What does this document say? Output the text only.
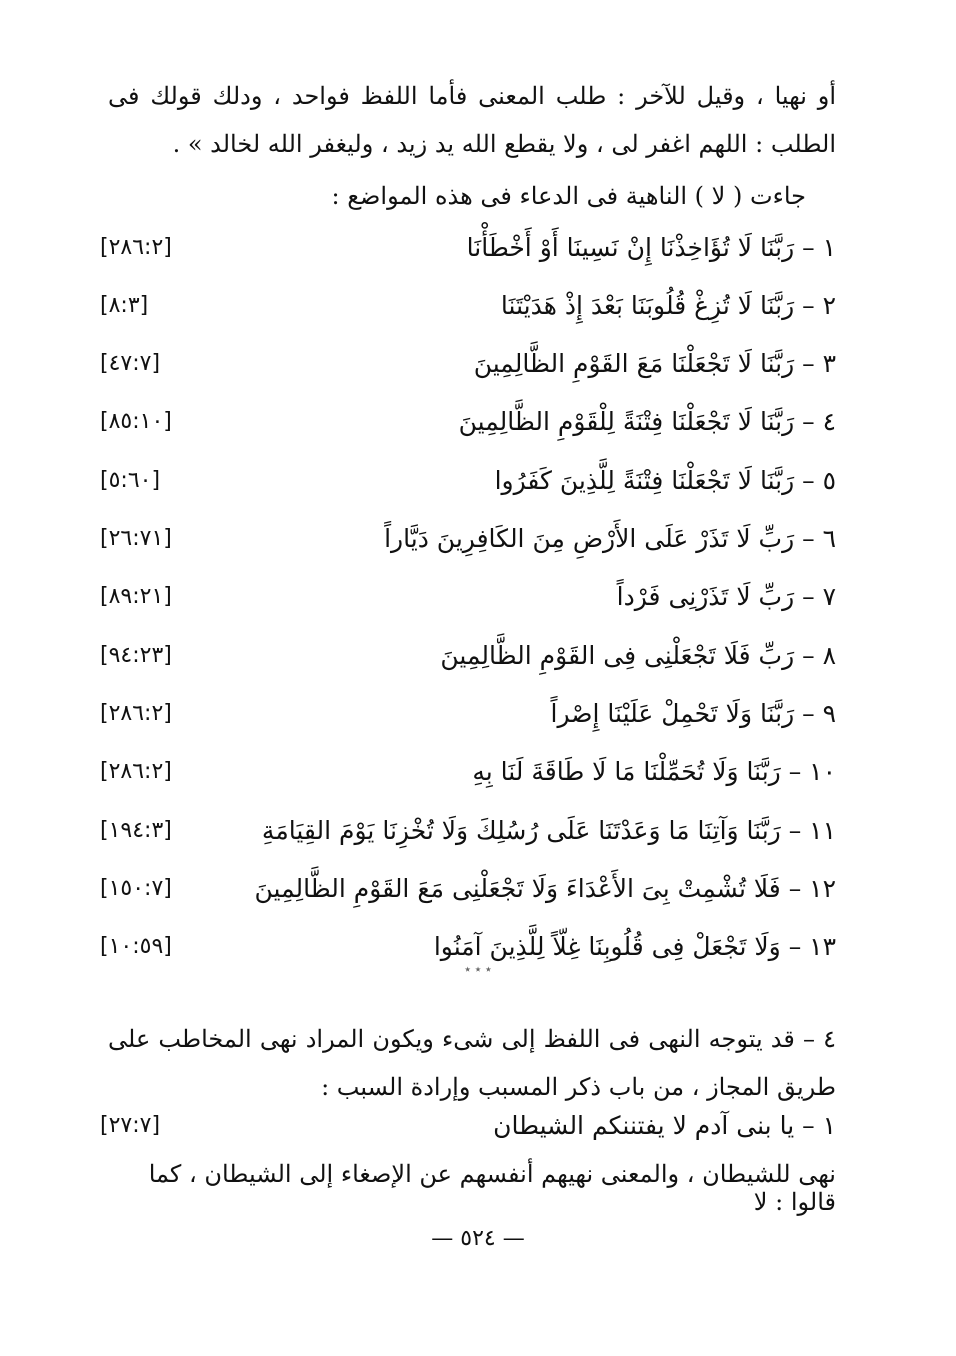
أو نهيا ، وقيل للآخر : طلب المعنى فأما اللفظ فواحد ، ودلك قولك فى الطلب : اللهم اغفر لى ، ولا يقطع الله يد زيد ، وليغفر الله لخالد » .
جاءت ( لا ) الناهية فى الدعاء فى هذه المواضع :
١ – رَبَّنَا لَا تُؤَاخِذْنَا إِنْ نَسِينَا أَوْ أَخْطَأْنَا
[٢٨٦:٢]
٢ – رَبَّنَا لَا تُزِغْ قُلُوبَنَا بَعْدَ إِذْ هَدَيْتَنَا
[٨:٣]
٣ – رَبَّنَا لَا تَجْعَلْنَا مَعَ القَوْمِ الظَّالِمِينَ
[٤٧:٧]
٤ – رَبَّنَا لَا تَجْعَلْنَا فِتْنَةً لِلْقَوْمِ الظَّالِمِينَ
[٨٥:١٠]
٥ – رَبَّنَا لَا تَجْعَلْنَا فِتْنَةً لِلَّذِينَ كَفَرُوا
[٥:٦٠]
٦ – رَبِّ لَا تَذَرْ عَلَى الأَرْضِ مِنَ الكَافِرِينَ دَيَّاراً
[٢٦:٧١]
٧ – رَبِّ لَا تَذَرْنِى فَرْداً
[٨٩:٢١]
٨ – رَبِّ فَلَا تَجْعَلْنِى فِى القَوْمِ الظَّالِمِينَ
[٩٤:٢٣]
٩ – رَبَّنَا وَلَا تَحْمِلْ عَلَيْنَا إِصْراً
[٢٨٦:٢]
١٠ – رَبَّنَا وَلَا تُحَمِّلْنَا مَا لَا طَاقَةَ لَنَا بِهِ
[٢٨٦:٢]
١١ – رَبَّنَا وَآتِنَا مَا وَعَدْتَنَا عَلَى رُسُلِكَ وَلَا تُخْزِنَا يَوْمَ القِيَامَةِ
[١٩٤:٣]
١٢ – فَلَا تُشْمِتْ بِىَ الأَعْدَاءَ وَلَا تَجْعَلْنِى مَعَ القَوْمِ الظَّالِمِينَ
[١٥٠:٧]
١٣ – وَلَا تَجْعَلْ فِى قُلُوبِنَا غِلّاً لِلَّذِينَ آمَنُوا
[١٠:٥٩]
٭ ٭ ٭
٤ – قد يتوجه النهى فى اللفظ إلى شىء ويكون المراد نهى المخاطب على طريق المجاز ، من باب ذكر المسبب وإرادة السبب :
١ – يا بنى آدم لا يفتننكم الشيطان
[٢٧:٧]
نهى للشيطان ، والمعنى نهيهم أنفسهم عن الإصغاء إلى الشيطان ، كما قالوا : لا
— ٥٢٤ —
